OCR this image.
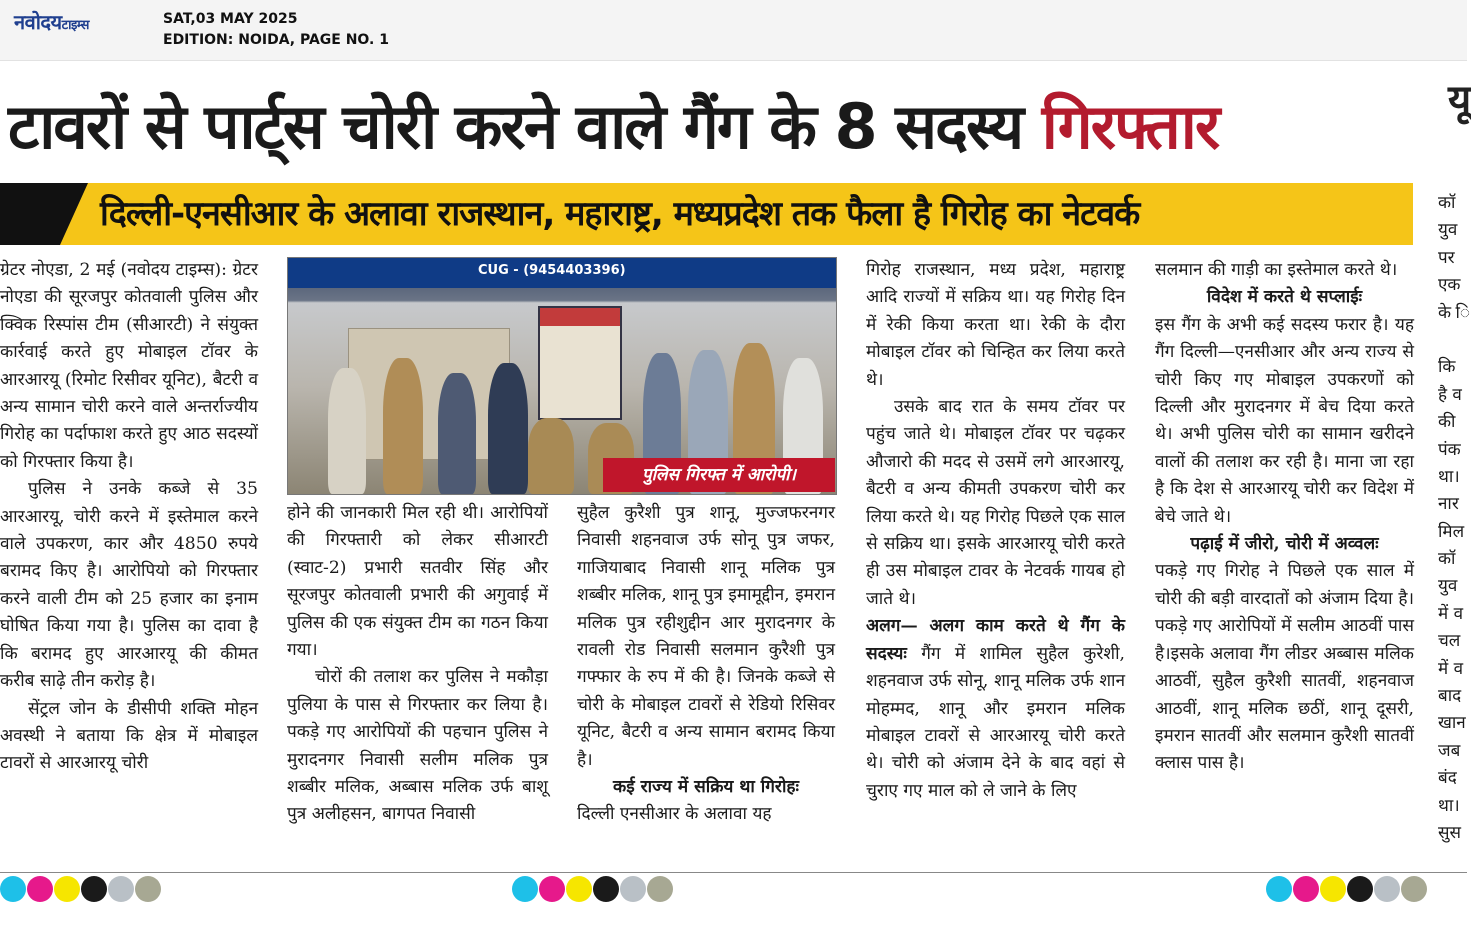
नवोदयटाइम्स	SAT,03 MAY 2025
EDITION: NOIDA, PAGE NO. 1
टावरों से पार्ट्स चोरी करने वाले गैंग के 8 सदस्य गिरफ्तार	यू
दिल्ली-एनसीआर के अलावा राजस्थान, महाराष्ट्र, मध्यप्रदेश तक फैला है गिरोह का नेटवर्क

ग्रेटर नोएडा, 2 मई (नवोदय टाइम्स): ग्रेटर नोएडा की सूरजपुर कोतवाली पुलिस और क्विक रिस्पांस टीम (सीआरटी) ने संयुक्त कार्रवाई करते हुए मोबाइल टॉवर के आरआरयू (रिमोट रिसीवर यूनिट), बैटरी व अन्य सामान चोरी करने वाले अन्तर्राज्यीय गिरोह का पर्दाफाश करते हुए आठ सदस्यों को गिरफ्तार किया है।

पुलिस ने उनके कब्जे से 35 आरआरयू, चोरी करने में इस्तेमाल करने वाले उपकरण, कार और 4850 रुपये बरामद किए है। आरोपियो को गिरफ्तार करने वाली टीम को 25 हजार का इनाम घोषित किया गया है। पुलिस का दावा है कि बरामद हुए आरआरयू की कीमत करीब साढ़े तीन करोड़ है।

सेंट्रल जोन के डीसीपी शक्ति मोहन अवस्थी ने बताया कि क्षेत्र में मोबाइल टावरों से आरआरयू चोरी

CUG - (9454403396)
पुलिस गिरफ्त में आरोपी।

होने की जानकारी मिल रही थी। आरोपियों की गिरफ्तारी को लेकर सीआरटी (स्वाट-2) प्रभारी सतवीर सिंह और सूरजपुर कोतवाली प्रभारी की अगुवाई में पुलिस की एक संयुक्त टीम का गठन किया गया।

चोरों की तलाश कर पुलिस ने मकौड़ा पुलिया के पास से गिरफ्तार कर लिया है। पकड़े गए आरोपियों की पहचान पुलिस ने मुरादनगर निवासी सलीम मलिक पुत्र शब्बीर मलिक, अब्बास मलिक उर्फ बाशू पुत्र अलीहसन, बागपत निवासी

सुहैल कुरैशी पुत्र शानू, मुज्जफरनगर निवासी शहनवाज उर्फ सोनू पुत्र जफर, गाजियाबाद निवासी शानू मलिक पुत्र शब्बीर मलिक, शानू पुत्र इमामूद्दीन, इमरान मलिक पुत्र रहीशुद्दीन आर मुरादनगर के रावली रोड निवासी सलमान कुरैशी पुत्र गफ्फार के रुप में की है। जिनके कब्जे से चोरी के मोबाइल टावरों से रेडियो रिसिवर यूनिट, बैटरी व अन्य सामान बरामद किया है।

कई राज्य में सक्रिय था गिरोहः

दिल्ली एनसीआर के अलावा यह

गिरोह राजस्थान, मध्य प्रदेश, महाराष्ट्र आदि राज्यों में सक्रिय था। यह गिरोह दिन में रेकी किया करता था। रेकी के दौरा मोबाइल टॉवर को चिन्हित कर लिया करते थे।

उसके बाद रात के समय टॉवर पर पहुंच जाते थे। मोबाइल टॉवर पर चढ़कर औजारो की मदद से उसमें लगे आरआरयू, बैटरी व अन्य कीमती उपकरण चोरी कर लिया करते थे। यह गिरोह पिछले एक साल से सक्रिय था। इसके आरआरयू चोरी करते ही उस मोबाइल टावर के नेटवर्क गायब हो जाते थे।

अलग— अलग काम करते थे गैंग के सदस्यः गैंग में शामिल सुहैल कुरेशी, शहनवाज उर्फ सोनू, शानू मलिक उर्फ शान मोहम्मद, शानू और इमरान मलिक मोबाइल टावरों से आरआरयू चोरी करते थे। चोरी को अंजाम देने के बाद वहां से चुराए गए माल को ले जाने के लिए

सलमान की गाड़ी का इस्तेमाल करते थे।

विदेश में करते थे सप्लाईः

इस गैंग के अभी कई सदस्य फरार है। यह गैंग दिल्ली—एनसीआर और अन्य राज्य से चोरी किए गए मोबाइल उपकरणों को दिल्ली और मुरादनगर में बेच दिया करते थे। अभी पुलिस चोरी का सामान खरीदने वालों की तलाश कर रही है। माना जा रहा है कि देश से आरआरयू चोरी कर विदेश में बेचे जाते थे।

पढ़ाई में जीरो, चोरी में अव्वलः

पकड़े गए गिरोह ने पिछले एक साल में चोरी की बड़ी वारदातों को अंजाम दिया है। पकड़े गए आरोपियों में सलीम आठवीं पास है।इसके अलावा गैंग लीडर अब्बास मलिक आठवीं, सुहैल कुरैशी सातवीं, शहनवाज आठवीं, शानू मलिक छठीं, शानू दूसरी, इमरान सातवीं और सलमान कुरैशी सातवीं क्लास पास है।

कॉ
युव
पर
एक
के ि
कि
है व
की
पंक
था।
नार
मिल
कॉ
युव
में व
चल
में व
बाद
खान
जब
बंद
था।
सुस
